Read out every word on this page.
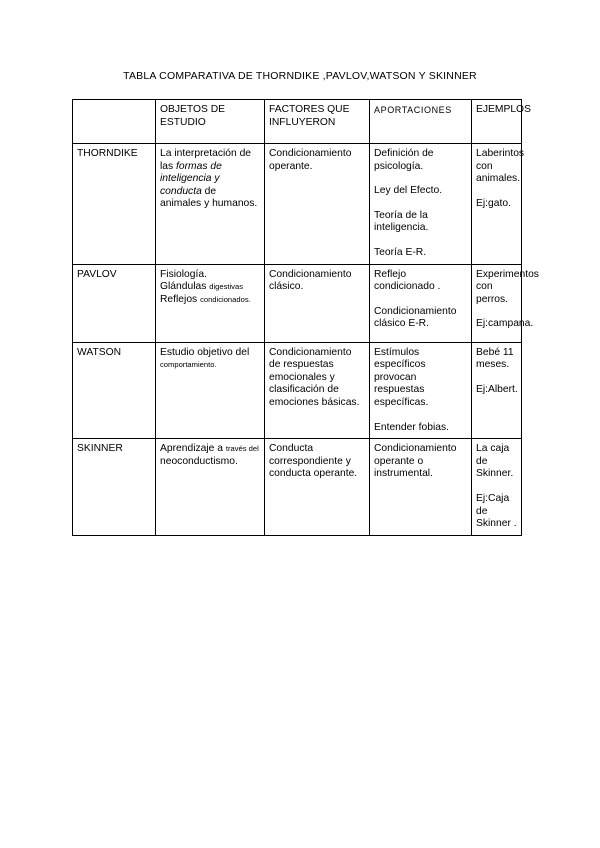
TABLA COMPARATIVA DE THORNDIKE ,PAVLOV,WATSON Y SKINNER
	OBJETOS DE ESTUDIO	FACTORES QUE INFLUYERON	APORTACIONES	EJEMPLOS
THORNDIKE	La interpretación de las formas de inteligencia y conducta de animales y humanos.	Condicionamiento operante.	Definición de psicología.
Ley del Efecto.
Teoría de la inteligencia.
Teoría E-R.	Laberintos con animales.
Ej:gato.

PAVLOV	Fisiología.
Glándulas digestivas
Reflejos condicionados.	Condicionamiento clásico.	Reflejo condicionado .
Condicionamiento clásico E-R.	Experimentos con perros.
Ej:campana.

WATSON	Estudio objetivo del comportamiento.	Condicionamiento de respuestas emocionales y clasificación de emociones básicas.	Estímulos específicos provocan respuestas específicas.
Entender fobias.	Bebé 11 meses.
Ej:Albert.

SKINNER	Aprendizaje a través del neoconductismo.	Conducta correspondiente y conducta operante.	Condicionamiento operante o instrumental.	La caja de Skinner.
Ej:Caja de Skinner .
